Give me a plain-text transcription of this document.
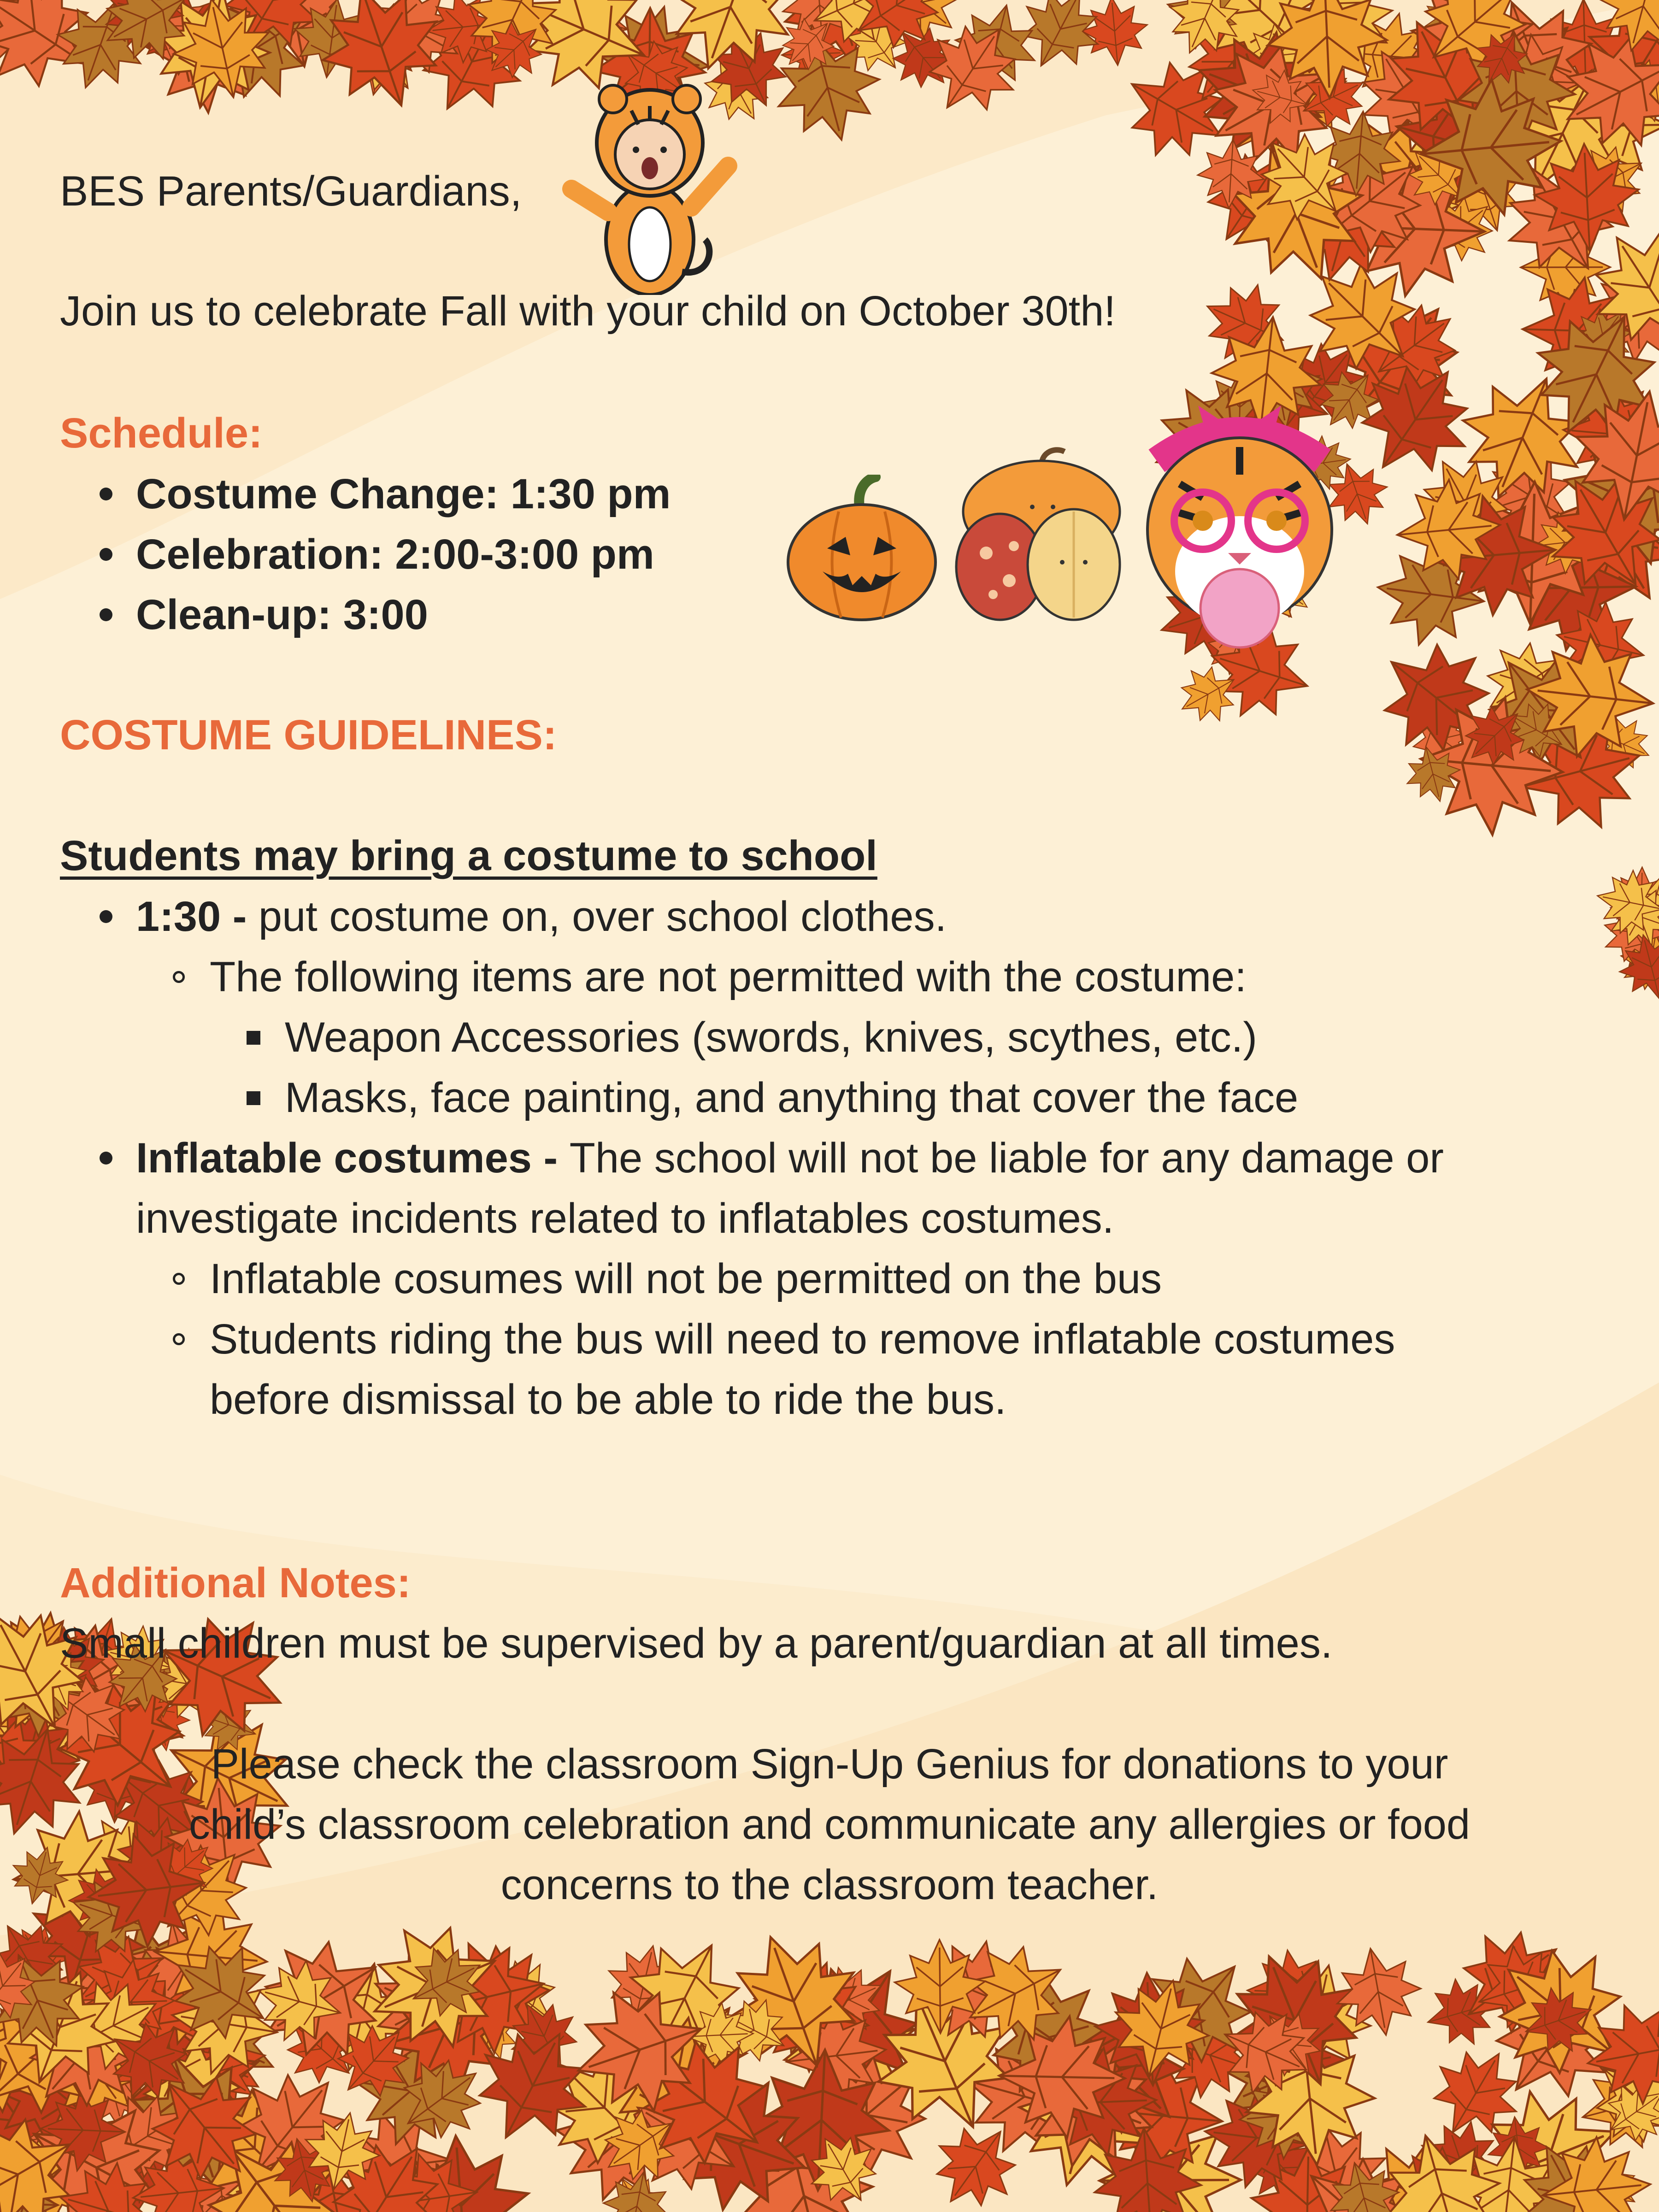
BES Parents/Guardians,

Join us to celebrate Fall with your child on October 30th!

Schedule:

Costume Change: 1:30 pm

Celebration: 2:00-3:00 pm

Clean-up: 3:00

COSTUME GUIDELINES:

Students may bring a costume to school

1:30 - put costume on, over school clothes.

The following items are not permitted with the costume:

Weapon Accessories (swords, knives, scythes, etc.)

Masks, face painting, and anything that cover the face

Inflatable costumes - The school will not be liable for any damage or

investigate incidents related to inflatables costumes.

Inflatable cosumes will not be permitted on the bus

Students riding the bus will need to remove inflatable costumes

before dismissal to be able to ride the bus.

Additional Notes:

Small children must be supervised by a parent/guardian at all times.

Please check the classroom Sign-Up Genius for donations to your

child’s classroom celebration and communicate any allergies or food

concerns to the classroom teacher.
